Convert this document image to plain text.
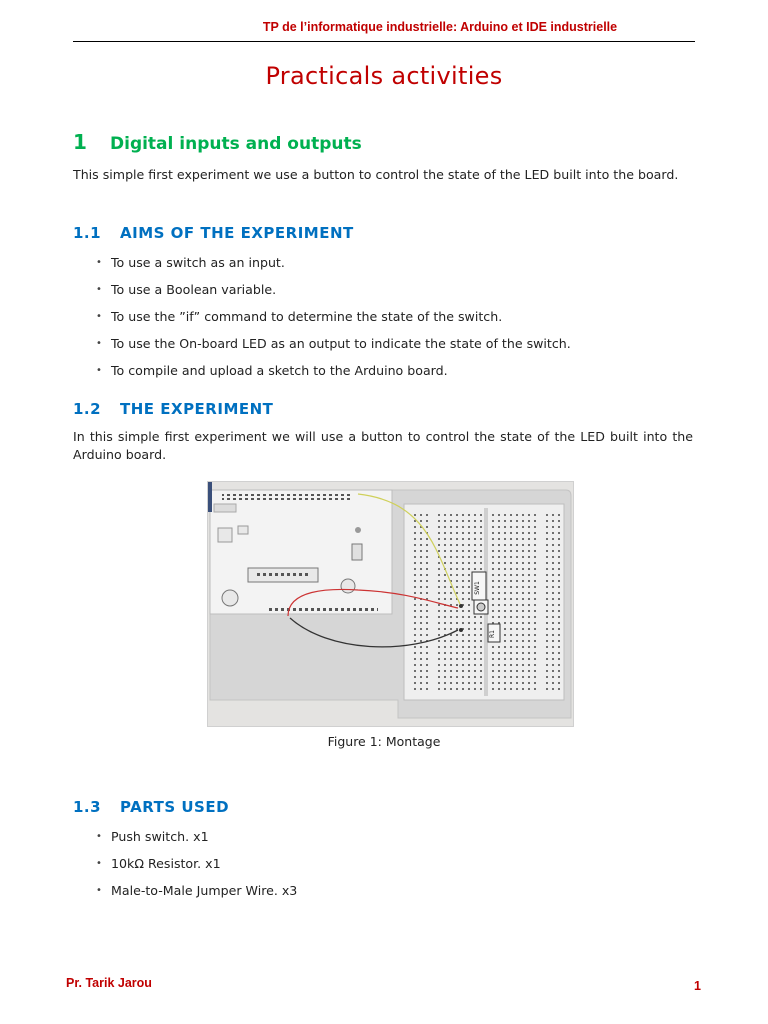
TP de l’informatique industrielle: Arduino et IDE industrielle
Practicals activities
1 Digital inputs and outputs

This simple first experiment we use a button to control the state of the LED built into the board.

1.1 AIMS OF THE EXPERIMENT
• To use a switch as an input.
• To use a Boolean variable.
• To use the ”if” command to determine the state of the switch.
• To use the On-board LED as an output to indicate the state of the switch.
• To compile and upload a sketch to the Arduino board.
1.2 THE EXPERIMENT

In this simple first experiment we will use a button to control the state of the LED built into the Arduino board.

SW1
R1

Figure 1: Montage

1.3 PARTS USED
• Push switch. x1
• 10kΩ Resistor. x1
• Male-to-Male Jumper Wire. x3
Pr. Tarik Jarou	1
